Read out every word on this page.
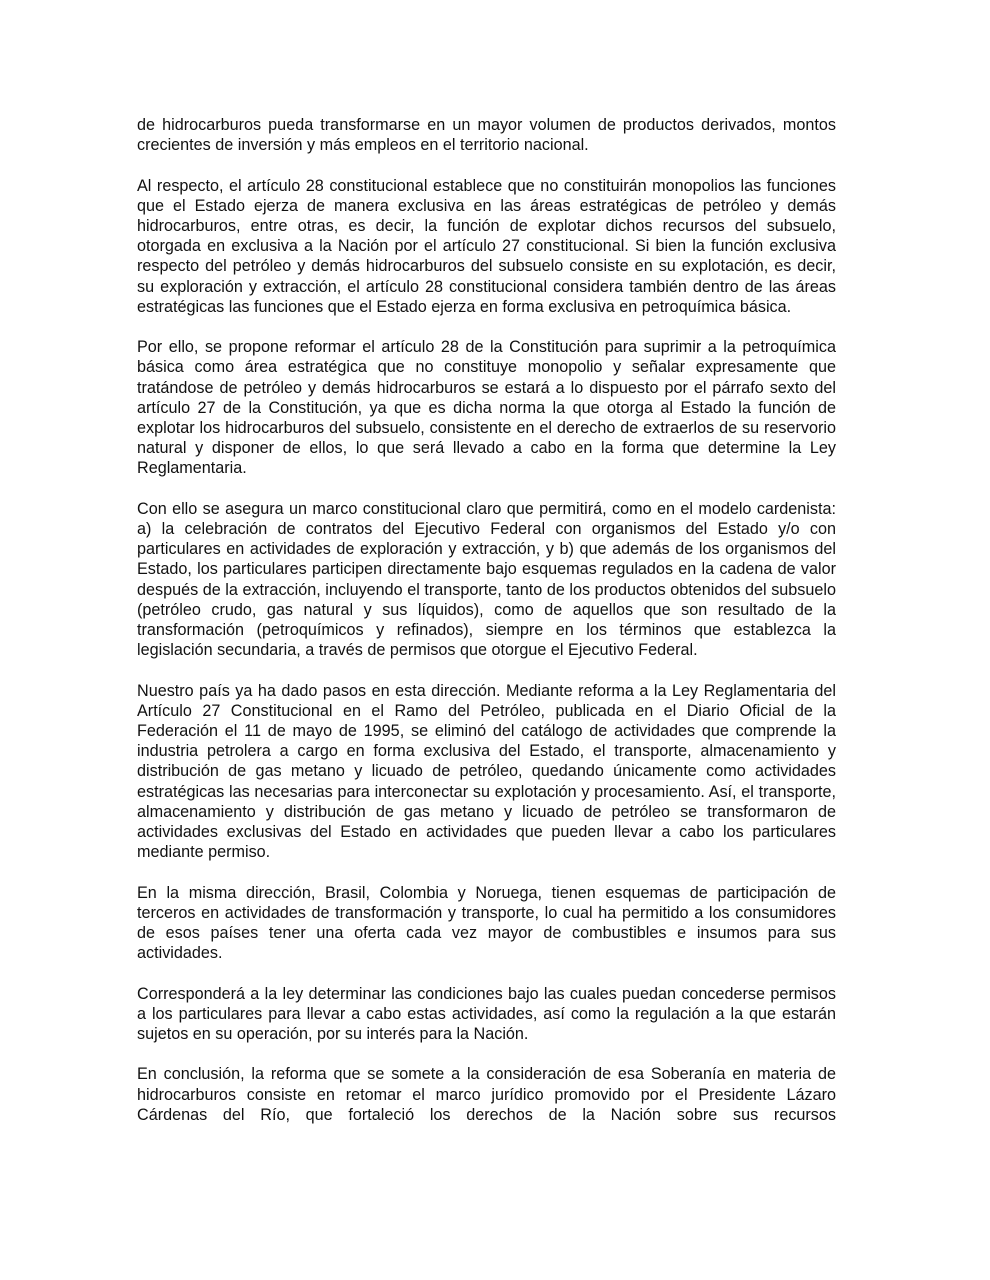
de hidrocarburos pueda transformarse en un mayor volumen de productos derivados, montos crecientes de inversión y más empleos en el territorio nacional.

Al respecto, el artículo 28 constitucional establece que no constituirán monopolios las funciones que el Estado ejerza de manera exclusiva en las áreas estratégicas de petróleo y demás hidrocarburos, entre otras, es decir, la función de explotar dichos recursos del subsuelo, otorgada en exclusiva a la Nación por el artículo 27 constitucional. Si bien la función exclusiva respecto del petróleo y demás hidrocarburos del subsuelo consiste en su explotación, es decir, su exploración y extracción, el artículo 28 constitucional considera también dentro de las áreas estratégicas las funciones que el Estado ejerza en forma exclusiva en petroquímica básica.

Por ello, se propone reformar el artículo 28 de la Constitución para suprimir a la petroquímica básica como área estratégica que no constituye monopolio y señalar expresamente que tratándose de petróleo y demás hidrocarburos se estará a lo dispuesto por el párrafo sexto del artículo 27 de la Constitución, ya que es dicha norma la que otorga al Estado la función de explotar los hidrocarburos del subsuelo, consistente en el derecho de extraerlos de su reservorio natural y disponer de ellos, lo que será llevado a cabo en la forma que determine la Ley Reglamentaria.

Con ello se asegura un marco constitucional claro que permitirá, como en el modelo cardenista: a) la celebración de contratos del Ejecutivo Federal con organismos del Estado y/o con particulares en actividades de exploración y extracción, y b) que además de los organismos del Estado, los particulares participen directamente bajo esquemas regulados en la cadena de valor después de la extracción, incluyendo el transporte, tanto de los productos obtenidos del subsuelo (petróleo crudo, gas natural y sus líquidos), como de aquellos que son resultado de la transformación (petroquímicos y refinados), siempre en los términos que establezca la legislación secundaria, a través de permisos que otorgue el Ejecutivo Federal.

Nuestro país ya ha dado pasos en esta dirección. Mediante reforma a la Ley Reglamentaria del Artículo 27 Constitucional en el Ramo del Petróleo, publicada en el Diario Oficial de la Federación el 11 de mayo de 1995, se eliminó del catálogo de actividades que comprende la industria petrolera a cargo en forma exclusiva del Estado, el transporte, almacenamiento y distribución de gas metano y licuado de petróleo, quedando únicamente como actividades estratégicas las necesarias para interconectar su explotación y procesamiento. Así, el transporte, almacenamiento y distribución de gas metano y licuado de petróleo se transformaron de actividades exclusivas del Estado en actividades que pueden llevar a cabo los particulares mediante permiso.

En la misma dirección, Brasil, Colombia y Noruega, tienen esquemas de participación de terceros en actividades de transformación y transporte, lo cual ha permitido a los consumidores de esos países tener una oferta cada vez mayor de combustibles e insumos para sus actividades.

Corresponderá a la ley determinar las condiciones bajo las cuales puedan concederse permisos a los particulares para llevar a cabo estas actividades, así como la regulación a la que estarán sujetos en su operación, por su interés para la Nación.

En conclusión, la reforma que se somete a la consideración de esa Soberanía en materia de hidrocarburos consiste en retomar el marco jurídico promovido por el Presidente Lázaro Cárdenas del Río, que fortaleció los derechos de la Nación sobre sus recursos
